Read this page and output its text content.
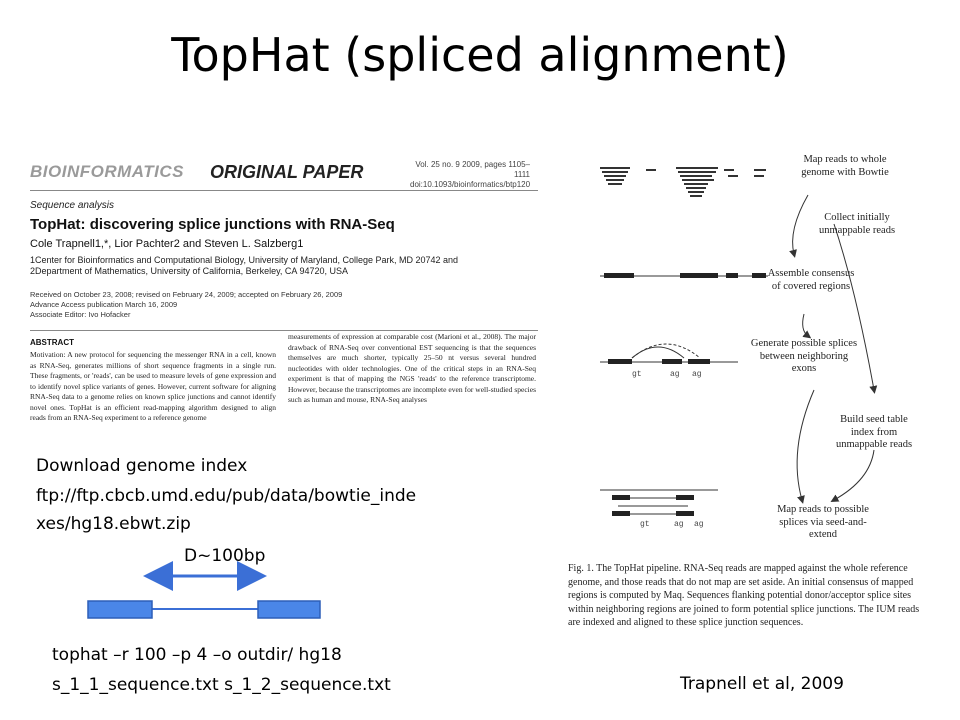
TopHat (spliced alignment)
BIOINFORMATICS ORIGINAL PAPER	Vol. 25 no. 9 2009, pages 1105–1111
doi:10.1093/bioinformatics/btp120
Sequence analysis
TopHat: discovering splice junctions with RNA-Seq
Cole Trapnell1,*, Lior Pachter2 and Steven L. Salzberg1
1Center for Bioinformatics and Computational Biology, University of Maryland, College Park, MD 20742 and
2Department of Mathematics, University of California, Berkeley, CA 94720, USA
Received on October 23, 2008; revised on February 24, 2009; accepted on February 26, 2009
Advance Access publication March 16, 2009
Associate Editor: Ivo Hofacker
ABSTRACT
Motivation: A new protocol for sequencing the messenger RNA in a cell, known as RNA-Seq, generates millions of short sequence fragments in a single run. These fragments, or 'reads', can be used to measure levels of gene expression and to identify novel splice variants of genes. However, current software for aligning RNA-Seq data to a genome relies on known splice junctions and cannot identify novel ones. TopHat is an efficient read-mapping algorithm designed to align reads from an RNA-Seq experiment to a reference genome
measurements of expression at comparable cost (Marioni et al., 2008). The major drawback of RNA-Seq over conventional EST sequencing is that the sequences themselves are much shorter, typically 25–50 nt versus several hundred nucleotides with older technologies. One of the critical steps in an RNA-Seq experiment is that of mapping the NGS 'reads' to the reference transcriptome. However, because the transcriptomes are incomplete even for well-studied species such as human and mouse, RNA-Seq analyses
Download genome index
ftp://ftp.cbcb.umd.edu/pub/data/bowtie_inde
xes/hg18.ebwt.zip
D~100bp
tophat –r 100 –p 4 –o outdir/ hg18
s_1_1_sequence.txt s_1_2_sequence.txt
gt	ag ag
gt	ag ag
Map reads to whole genome with Bowtie
Collect initially unmappable reads
Assemble consensus of covered regions
Generate possible splices between neighboring exons
Build seed table index from unmappable reads
Map reads to possible splices via seed-and-extend
Fig. 1. The TopHat pipeline. RNA-Seq reads are mapped against the whole reference genome, and those reads that do not map are set aside. An initial consensus of mapped regions is computed by Maq. Sequences flanking potential donor/acceptor splice sites within neighboring regions are joined to form potential splice junctions. The IUM reads are indexed and aligned to these splice junction sequences.
Trapnell et al, 2009
